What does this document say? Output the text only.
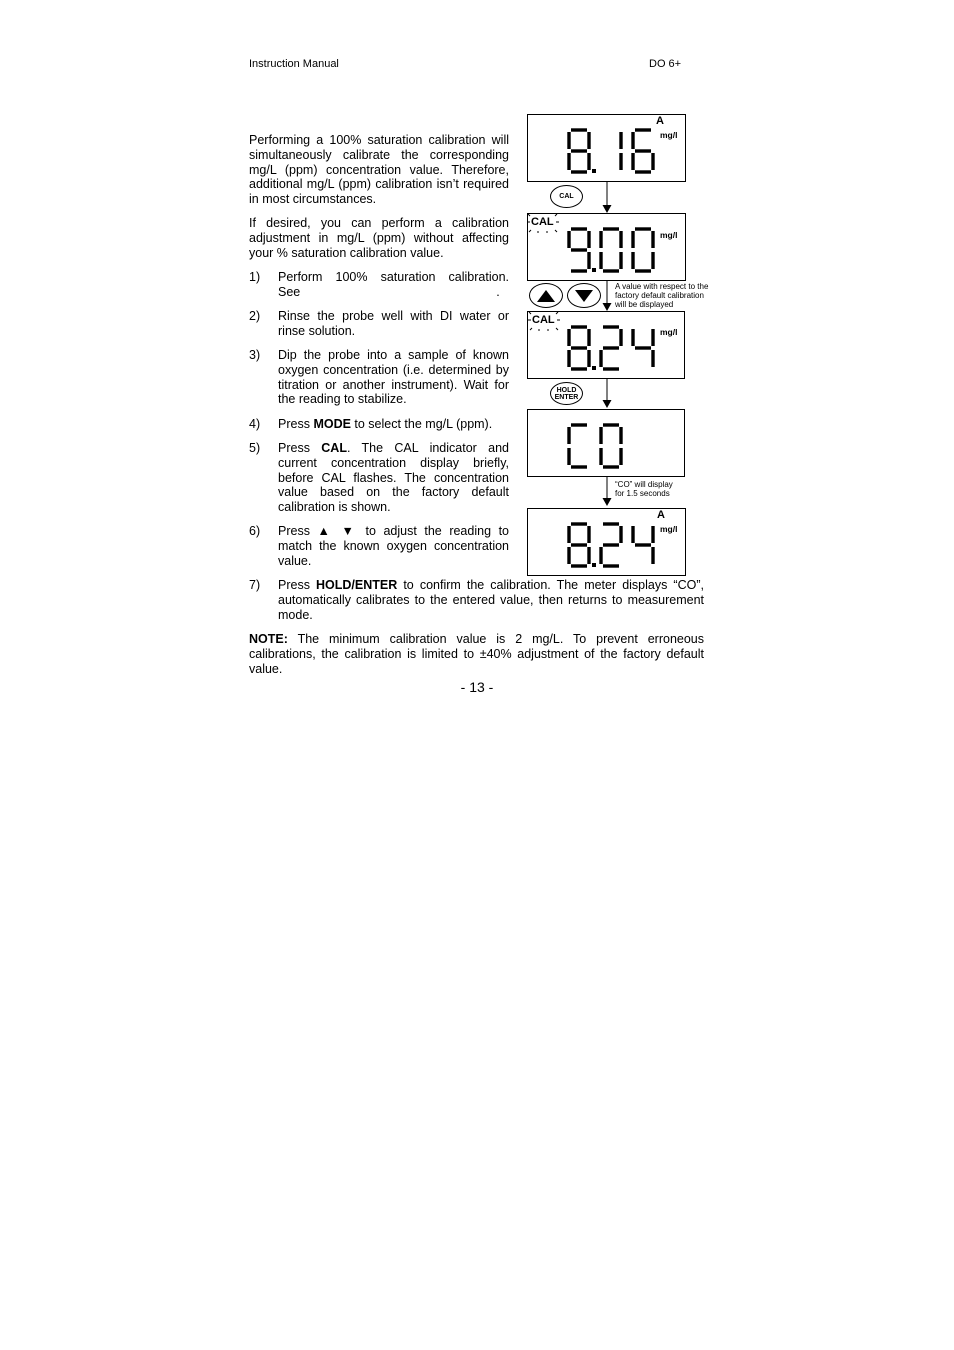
Instruction Manual	DO 6+
Performing a 100% saturation calibration will simultaneously calibrate the corresponding mg/L (ppm) concentration value. Therefore, additional mg/L (ppm) calibration isn’t required in most circumstances.
If desired, you can perform a calibration adjustment in mg/L (ppm) without affecting your % saturation calibration value.
1) Perform 100% saturation calibration. See	.
2) Rinse the probe well with DI water or rinse solution.
3) Dip the probe into a sample of known oxygen concentration (i.e. determined by titration or another instrument). Wait for the reading to stabilize.
4) Press MODE to select the mg/L (ppm).
5) Press CAL. The CAL indicator and current concentration display briefly, before CAL flashes. The concentration value based on the factory default calibration is shown.
6) Press ▲ ▼ to adjust the reading to match the known oxygen concentration value.
7) Press HOLD/ENTER to confirm the calibration. The meter displays “CO”, automatically calibrates to the entered value, then returns to measurement mode.
NOTE: The minimum calibration value is 2 mg/L. To prevent erroneous calibrations, the calibration is limited to ±40% adjustment of the factory default value.
- 13 -
A
mg/l
CAL
CAL
mg/l
A value with respect to the
factory default calibration
will be displayed
CAL
mg/l
HOLD
ENTER
“CO” will display
for 1.5 seconds
A
mg/l
